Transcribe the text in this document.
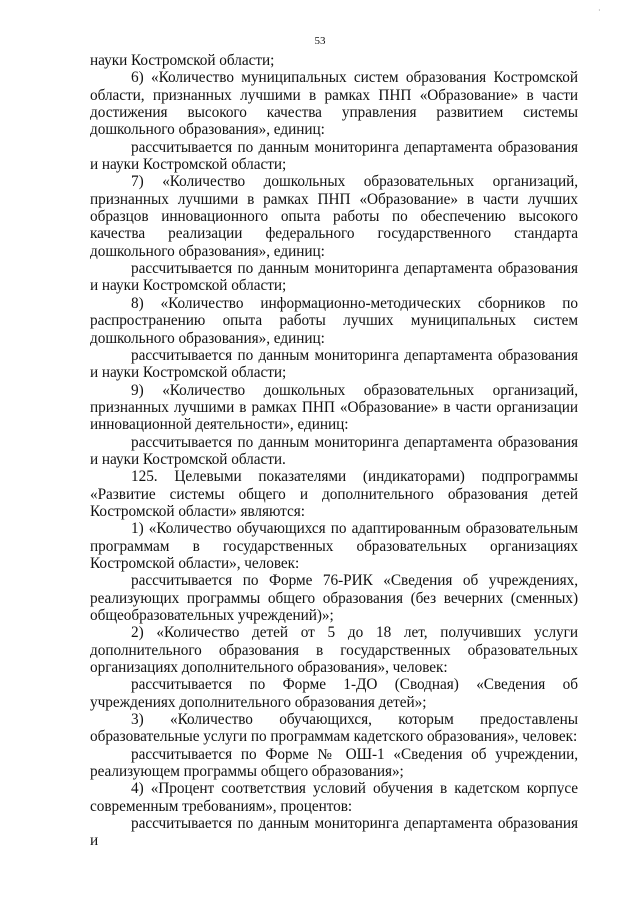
·
53

науки Костромской области;

6) «Количество муниципальных систем образования Костромской области, признанных лучшими в рамках ПНП «Образование» в части достижения высокого качества управления развитием системы дошкольного образования», единиц:

рассчитывается по данным мониторинга департамента образования и науки Костромской области;

7) «Количество дошкольных образовательных организаций, признанных лучшими в рамках ПНП «Образование» в части лучших образцов инновационного опыта работы по обеспечению высокого качества реализации федерального государственного стандарта дошкольного образования», единиц:

рассчитывается по данным мониторинга департамента образования и науки Костромской области;

8) «Количество информационно-методических сборников по распространению опыта работы лучших муниципальных систем дошкольного образования», единиц:

рассчитывается по данным мониторинга департамента образования и науки Костромской области;

9) «Количество дошкольных образовательных организаций, признанных лучшими в рамках ПНП «Образование» в части организации инновационной деятельности», единиц:

рассчитывается по данным мониторинга департамента образования и науки Костромской области.

125. Целевыми показателями (индикаторами) подпрограммы «Развитие системы общего и дополнительного образования детей Костромской области» являются:

1) «Количество обучающихся по адаптированным образовательным программам в государственных образовательных организациях Костромской области», человек:

рассчитывается по Форме 76-РИК «Сведения об учреждениях, реализующих программы общего образования (без вечерних (сменных) общеобразовательных учреждений)»;

2) «Количество детей от 5 до 18 лет, получивших услуги дополнительного образования в государственных образовательных организациях дополнительного образования», человек:

рассчитывается по Форме 1-ДО (Сводная) «Сведения об учреждениях дополнительного образования детей»;

3) «Количество обучающихся, которым предоставлены образовательные услуги по программам кадетского образования», человек:

рассчитывается по Форме № ОШ-1 «Сведения об учреждении, реализующем программы общего образования»;

4) «Процент соответствия условий обучения в кадетском корпусе современным требованиям», процентов:

рассчитывается по данным мониторинга департамента образования и
